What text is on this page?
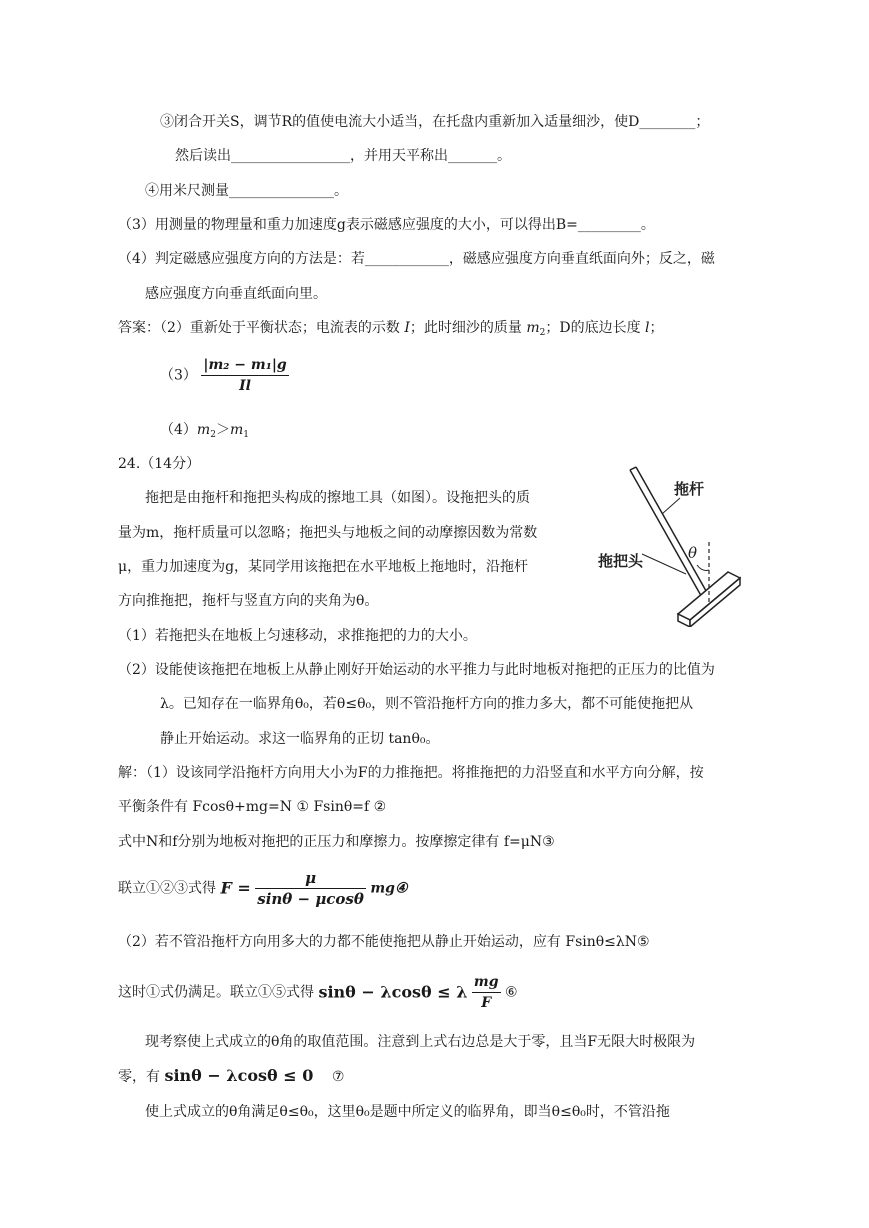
③闭合开关S，调节R的值使电流大小适当，在托盘内重新加入适量细沙，使D________；
然后读出_________________，并用天平称出_______。
④用米尺测量_______________。
（3）用测量的物理量和重力加速度g表示磁感应强度的大小，可以得出B=_________。
（4）判定磁感应强度方向的方法是：若____________，磁感应强度方向垂直纸面向外；反之，磁
感应强度方向垂直纸面向里。
答案：（2）重新处于平衡状态；电流表的示数 I；此时细沙的质量 $m_2$；D的底边长度 l；
$(3) \frac{\text{|m₂ − m₁|g}}{Il}$
$(4)m_2>m_1$
24.（14分）
拖把是由拖杆和拖把头构成的擦地工具（如图）。设拖把头的质
量为m，拖杆质量可以忽略；拖把头与地板之间的动摩擦因数为常数
μ，重力加速度为g，某同学用该拖把在水平地板上拖地时，沿拖杆
方向推拖把，拖杆与竖直方向的夹角为θ。
（1）若拖把头在地板上匀速移动，求推拖把的力的大小。
（2）设能使该拖把在地板上从静止刚好开始运动的水平推力与此时地板对拖把的正压力的比值为
λ。已知存在一临界角θ₀，若θ≤θ₀，则不管沿拖杆方向的推力多大，都不可能使拖把从
静止开始运动。求这一临界角的正切 tanθ₀。
解：（1）设该同学沿拖杆方向用大小为F的力推拖把。将推拖把的力沿竖直和水平方向分解，按
平衡条件有 Fcosθ+mg=N ① Fsinθ=f ②
式中N和f分别为地板对拖把的正压力和摩擦力。按摩擦定律有 f=μN③
联立①②③式得 $F = \frac{\mu}{\sin\theta - \mu\cos\theta}$ mg④
（2）若不管沿拖杆方向用多大的力都不能使拖把从静止开始运动，应有 Fsinθ≤λN⑤
这时①式仍满足。联立①⑤式得 sinθ − λcosθ ≤ λ $\frac{mg}{F}$ ⑥
现考察使上式成立的θ角的取值范围。注意到上式右边总是大于零，且当F无限大时极限为
零，有 sinθ − λcosθ ≤ 0 ⑦
使上式成立的θ角满足θ≤θ₀，这里θ₀是题中所定义的临界角，即当θ≤θ₀时，不管沿拖
拖杆
拖把头	θ
